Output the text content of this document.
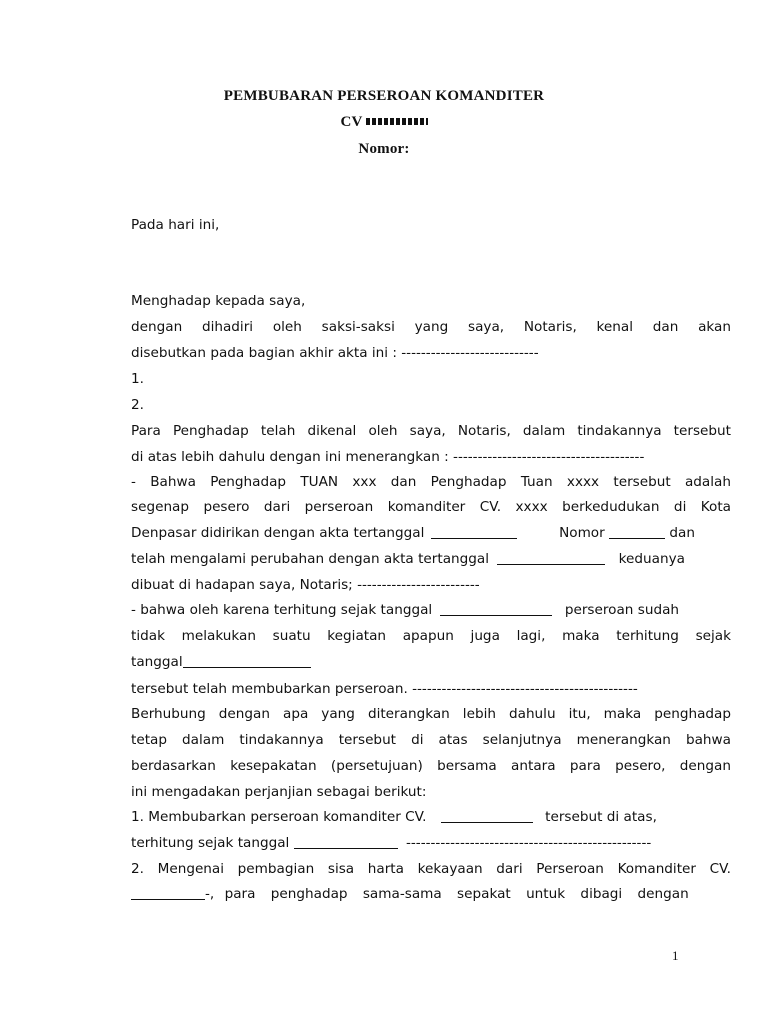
PEMBUBARAN PERSEROAN KOMANDITER
CV
Nomor:
Pada hari ini,
Menghadap kepada saya,
dengan dihadiri oleh saksi-saksi yang saya, Notaris, kenal dan akan
disebutkan pada bagian akhir akta ini : ----------------------------
1.
2.
Para Penghadap telah dikenal oleh saya, Notaris, dalam tindakannya tersebut
di atas lebih dahulu dengan ini menerangkan : ---------------------------------------
- Bahwa Penghadap TUAN xxx dan Penghadap Tuan xxxx tersebut adalah
segenap pesero dari perseroan komanditer CV. xxxx berkedudukan di Kota
Denpasar didirikan dengan akta tertanggal	Nomor	dan
telah mengalami perubahan dengan akta tertanggal	keduanya
dibuat di hadapan saya, Notaris; -------------------------
- bahwa oleh karena terhitung sejak tanggal	perseroan sudah
tidak melakukan suatu kegiatan apapun juga lagi, maka terhitung sejak
tanggal
tersebut telah membubarkan perseroan. ----------------------------------------------
Berhubung dengan apa yang diterangkan lebih dahulu itu, maka penghadap
tetap dalam tindakannya tersebut di atas selanjutnya menerangkan bahwa
berdasarkan kesepakatan (persetujuan) bersama antara para pesero, dengan
ini mengadakan perjanjian sebagai berikut:
1. Membubarkan perseroan komanditer CV.	tersebut di atas,
terhitung sejak tanggal	--------------------------------------------------
2. Mengenai pembagian sisa harta kekayaan dari Perseroan Komanditer CV.
-, para penghadap sama-sama sepakat untuk dibagi dengan
1
